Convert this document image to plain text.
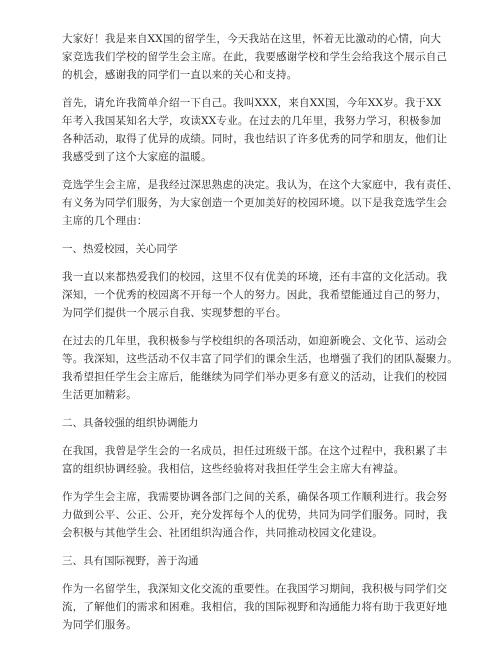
大家好！我是来自XX国的留学生，今天我站在这里，怀着无比激动的心情，向大
家竞选我们学校的留学生会主席。在此，我要感谢学校和学生会给我这个展示自己
的机会，感谢我的同学们一直以来的关心和支持。
首先，请允许我简单介绍一下自己。我叫XXX，来自XX国，今年XX岁。我于XX
年考入我国某知名大学，攻读XX专业。在过去的几年里，我努力学习，积极参加
各种活动，取得了优异的成绩。同时，我也结识了许多优秀的同学和朋友，他们让
我感受到了这个大家庭的温暖。
竞选学生会主席，是我经过深思熟虑的决定。我认为，在这个大家庭中，我有责任、
有义务为同学们服务，为大家创造一个更加美好的校园环境。以下是我竞选学生会
主席的几个理由：
一、热爱校园，关心同学
我一直以来都热爱我们的校园，这里不仅有优美的环境，还有丰富的文化活动。我
深知，一个优秀的校园离不开每一个人的努力。因此，我希望能通过自己的努力，
为同学们提供一个展示自我、实现梦想的平台。
在过去的几年里，我积极参与学校组织的各项活动，如迎新晚会、文化节、运动会
等。我深知，这些活动不仅丰富了同学们的课余生活，也增强了我们的团队凝聚力。
我希望担任学生会主席后，能继续为同学们举办更多有意义的活动，让我们的校园
生活更加精彩。
二、具备较强的组织协调能力
在我国，我曾是学生会的一名成员，担任过班级干部。在这个过程中，我积累了丰
富的组织协调经验。我相信，这些经验将对我担任学生会主席大有裨益。
作为学生会主席，我需要协调各部门之间的关系，确保各项工作顺利进行。我会努
力做到公平、公正、公开，充分发挥每个人的优势，共同为同学们服务。同时，我
会积极与其他学生会、社团组织沟通合作，共同推动校园文化建设。
三、具有国际视野，善于沟通
作为一名留学生，我深知文化交流的重要性。在我国学习期间，我积极与同学们交
流，了解他们的需求和困难。我相信，我的国际视野和沟通能力将有助于我更好地
为同学们服务。
